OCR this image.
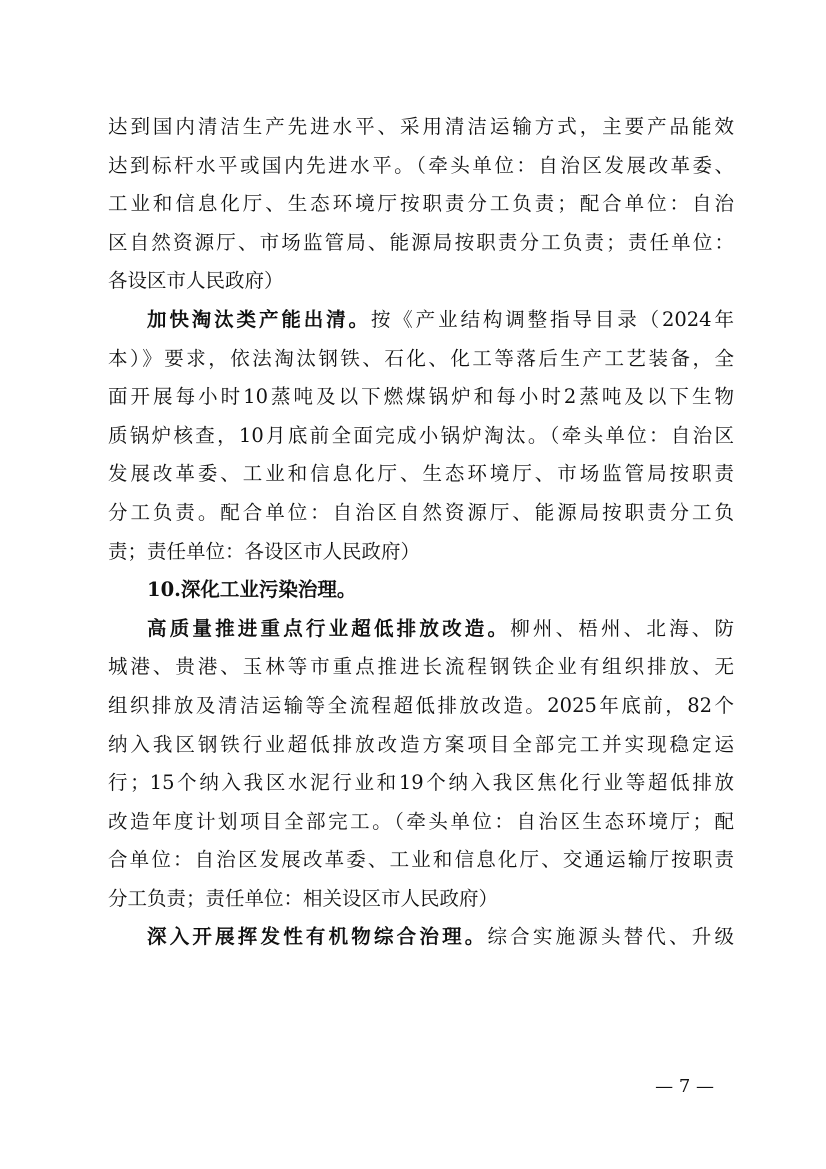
达到国内清洁生产先进水平、采用清洁运输方式，主要产品能效
达到标杆水平或国内先进水平。（牵头单位：自治区发展改革委、
工业和信息化厅、生态环境厅按职责分工负责；配合单位：自治
区自然资源厅、市场监管局、能源局按职责分工负责；责任单位：
各设区市人民政府）
加快淘汰类产能出清。按《产业结构调整指导目录（2024年
本）》要求，依法淘汰钢铁、石化、化工等落后生产工艺装备，全
面开展每小时10蒸吨及以下燃煤锅炉和每小时2蒸吨及以下生物
质锅炉核查，10月底前全面完成小锅炉淘汰。（牵头单位：自治区
发展改革委、工业和信息化厅、生态环境厅、市场监管局按职责
分工负责。配合单位：自治区自然资源厅、能源局按职责分工负
责；责任单位：各设区市人民政府）
10.深化工业污染治理。
高质量推进重点行业超低排放改造。柳州、梧州、北海、防
城港、贵港、玉林等市重点推进长流程钢铁企业有组织排放、无
组织排放及清洁运输等全流程超低排放改造。2025年底前，82个
纳入我区钢铁行业超低排放改造方案项目全部完工并实现稳定运
行；15个纳入我区水泥行业和19个纳入我区焦化行业等超低排放
改造年度计划项目全部完工。（牵头单位：自治区生态环境厅；配
合单位：自治区发展改革委、工业和信息化厅、交通运输厅按职责
分工负责；责任单位：相关设区市人民政府）
深入开展挥发性有机物综合治理。综合实施源头替代、升级
— 7 —
